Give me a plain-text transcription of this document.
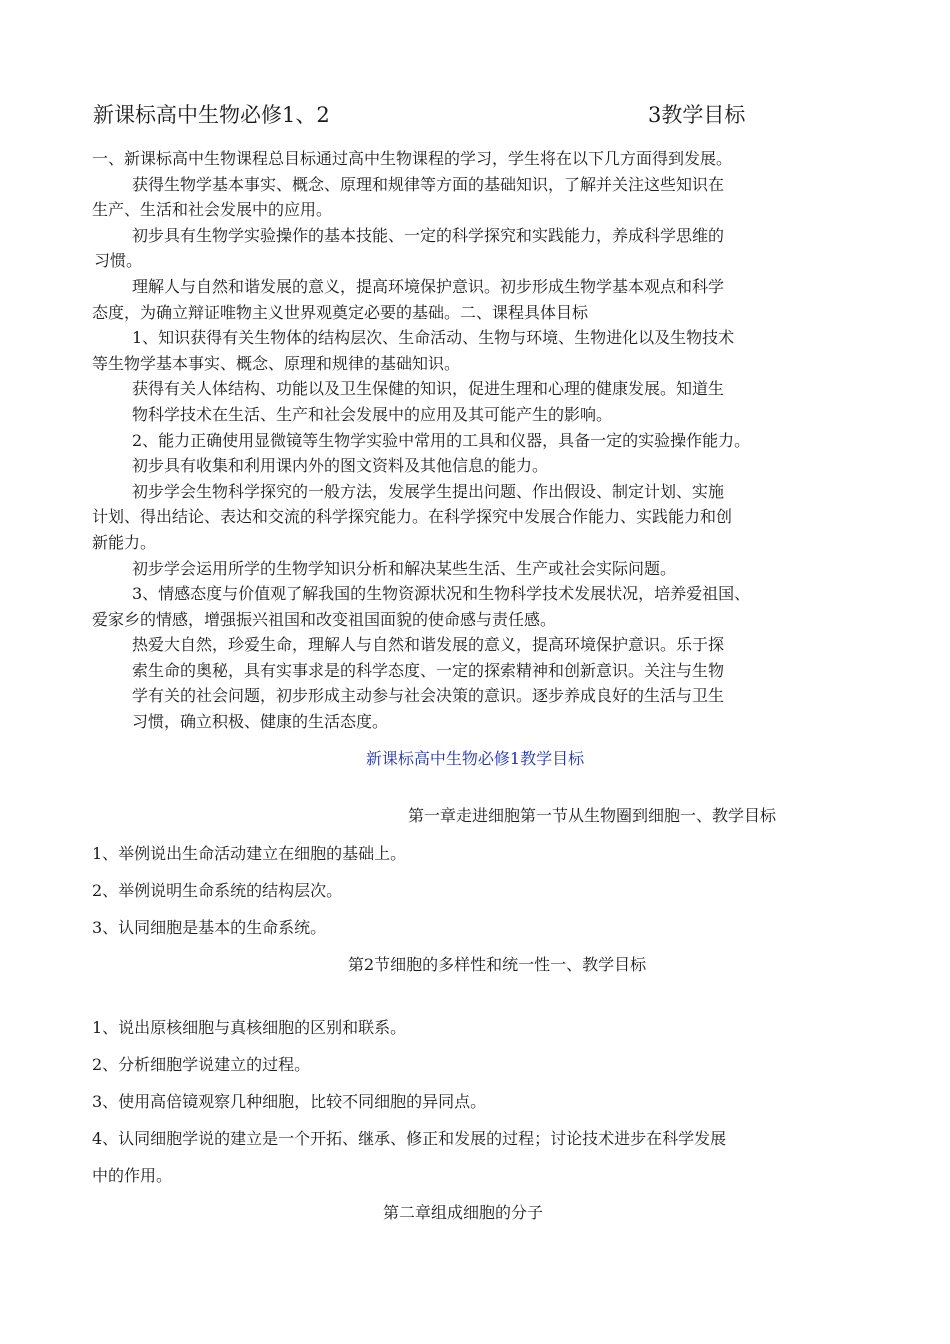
新课标高中生物必修1、2	3教学目标
一、新课标高中生物课程总目标通过高中生物课程的学习，学生将在以下几方面得到发展。
获得生物学基本事实、概念、原理和规律等方面的基础知识，了解并关注这些知识在
生产、生活和社会发展中的应用。
初步具有生物学实验操作的基本技能、一定的科学探究和实践能力，养成科学思维的
习惯。
理解人与自然和谐发展的意义，提高环境保护意识。初步形成生物学基本观点和科学
态度，为确立辩证唯物主义世界观奠定必要的基础。二、课程具体目标
1、知识获得有关生物体的结构层次、生命活动、生物与环境、生物进化以及生物技术
等生物学基本事实、概念、原理和规律的基础知识。
获得有关人体结构、功能以及卫生保健的知识，促进生理和心理的健康发展。知道生
物科学技术在生活、生产和社会发展中的应用及其可能产生的影响。
2、能力正确使用显微镜等生物学实验中常用的工具和仪器，具备一定的实验操作能力。
初步具有收集和利用课内外的图文资料及其他信息的能力。
初步学会生物科学探究的一般方法，发展学生提出问题、作出假设、制定计划、实施
计划、得出结论、表达和交流的科学探究能力。在科学探究中发展合作能力、实践能力和创
新能力。
初步学会运用所学的生物学知识分析和解决某些生活、生产或社会实际问题。
3、情感态度与价值观了解我国的生物资源状况和生物科学技术发展状况，培养爱祖国、
爱家乡的情感，增强振兴祖国和改变祖国面貌的使命感与责任感。
热爱大自然，珍爱生命，理解人与自然和谐发展的意义，提高环境保护意识。乐于探
索生命的奥秘，具有实事求是的科学态度、一定的探索精神和创新意识。关注与生物
学有关的社会问题，初步形成主动参与社会决策的意识。逐步养成良好的生活与卫生
习惯，确立积极、健康的生活态度。
新课标高中生物必修1教学目标
第一章走进细胞第一节从生物圈到细胞一、教学目标
1、举例说出生命活动建立在细胞的基础上。
2、举例说明生命系统的结构层次。
3、认同细胞是基本的生命系统。
第2节细胞的多样性和统一性一、教学目标
1、说出原核细胞与真核细胞的区别和联系。
2、分析细胞学说建立的过程。
3、使用高倍镜观察几种细胞，比较不同细胞的异同点。
4、认同细胞学说的建立是一个开拓、继承、修正和发展的过程；讨论技术进步在科学发展
中的作用。
第二章组成细胞的分子
